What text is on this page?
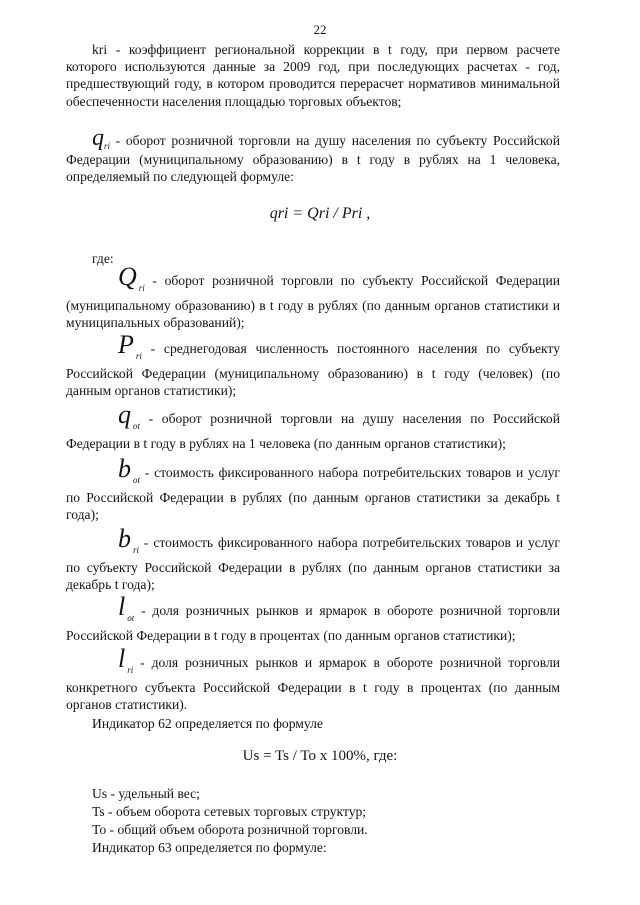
22

kri - коэффициент региональной коррекции в t году, при первом расчете которого используются данные за 2009 год, при последующих расчетах - год, предшествующий году, в котором проводится перерасчет нормативов минимальной обеспеченности населения площадью торговых объектов;

$q_{ri}$ - оборот розничной торговли на душу населения по субъекту Российской Федерации (муниципальному образованию) в t году в рублях на 1 человека, определяемый по следующей формуле:

qri = Qri / Pri ,

где:

Q $_{ri}$ - оборот розничной торговли по субъекту Российской Федерации (муниципальному образованию) в t году в рублях (по данным органов статистики и муниципальных образований);

P $_{ri}$ - среднегодовая численность постоянного населения по субъекту Российской Федерации (муниципальному образованию) в t году (человек) (по данным органов статистики);

q $_{ot}$ - оборот розничной торговли на душу населения по Российской Федерации в t году в рублях на 1 человека (по данным органов статистики);

b $_{ot}$ - стоимость фиксированного набора потребительских товаров и услуг по Российской Федерации в рублях (по данным органов статистики за декабрь t года);

b $_{ri}$ - стоимость фиксированного набора потребительских товаров и услуг по субъекту Российской Федерации в рублях (по данным органов статистики за декабрь t года);

l $_{ot}$ - доля розничных рынков и ярмарок в обороте розничной торговли Российской Федерации в t году в процентах (по данным органов статистики);

l $_{ri}$ - доля розничных рынков и ярмарок в обороте розничной торговли конкретного субъекта Российской Федерации в t году в процентах (по данным органов статистики).

Индикатор 62 определяется по формуле

Us = Ts / To x 100%, где:

Us - удельный вес;

Ts - объем оборота сетевых торговых структур;

To - общий объем оборота розничной торговли.

Индикатор 63 определяется по формуле:
